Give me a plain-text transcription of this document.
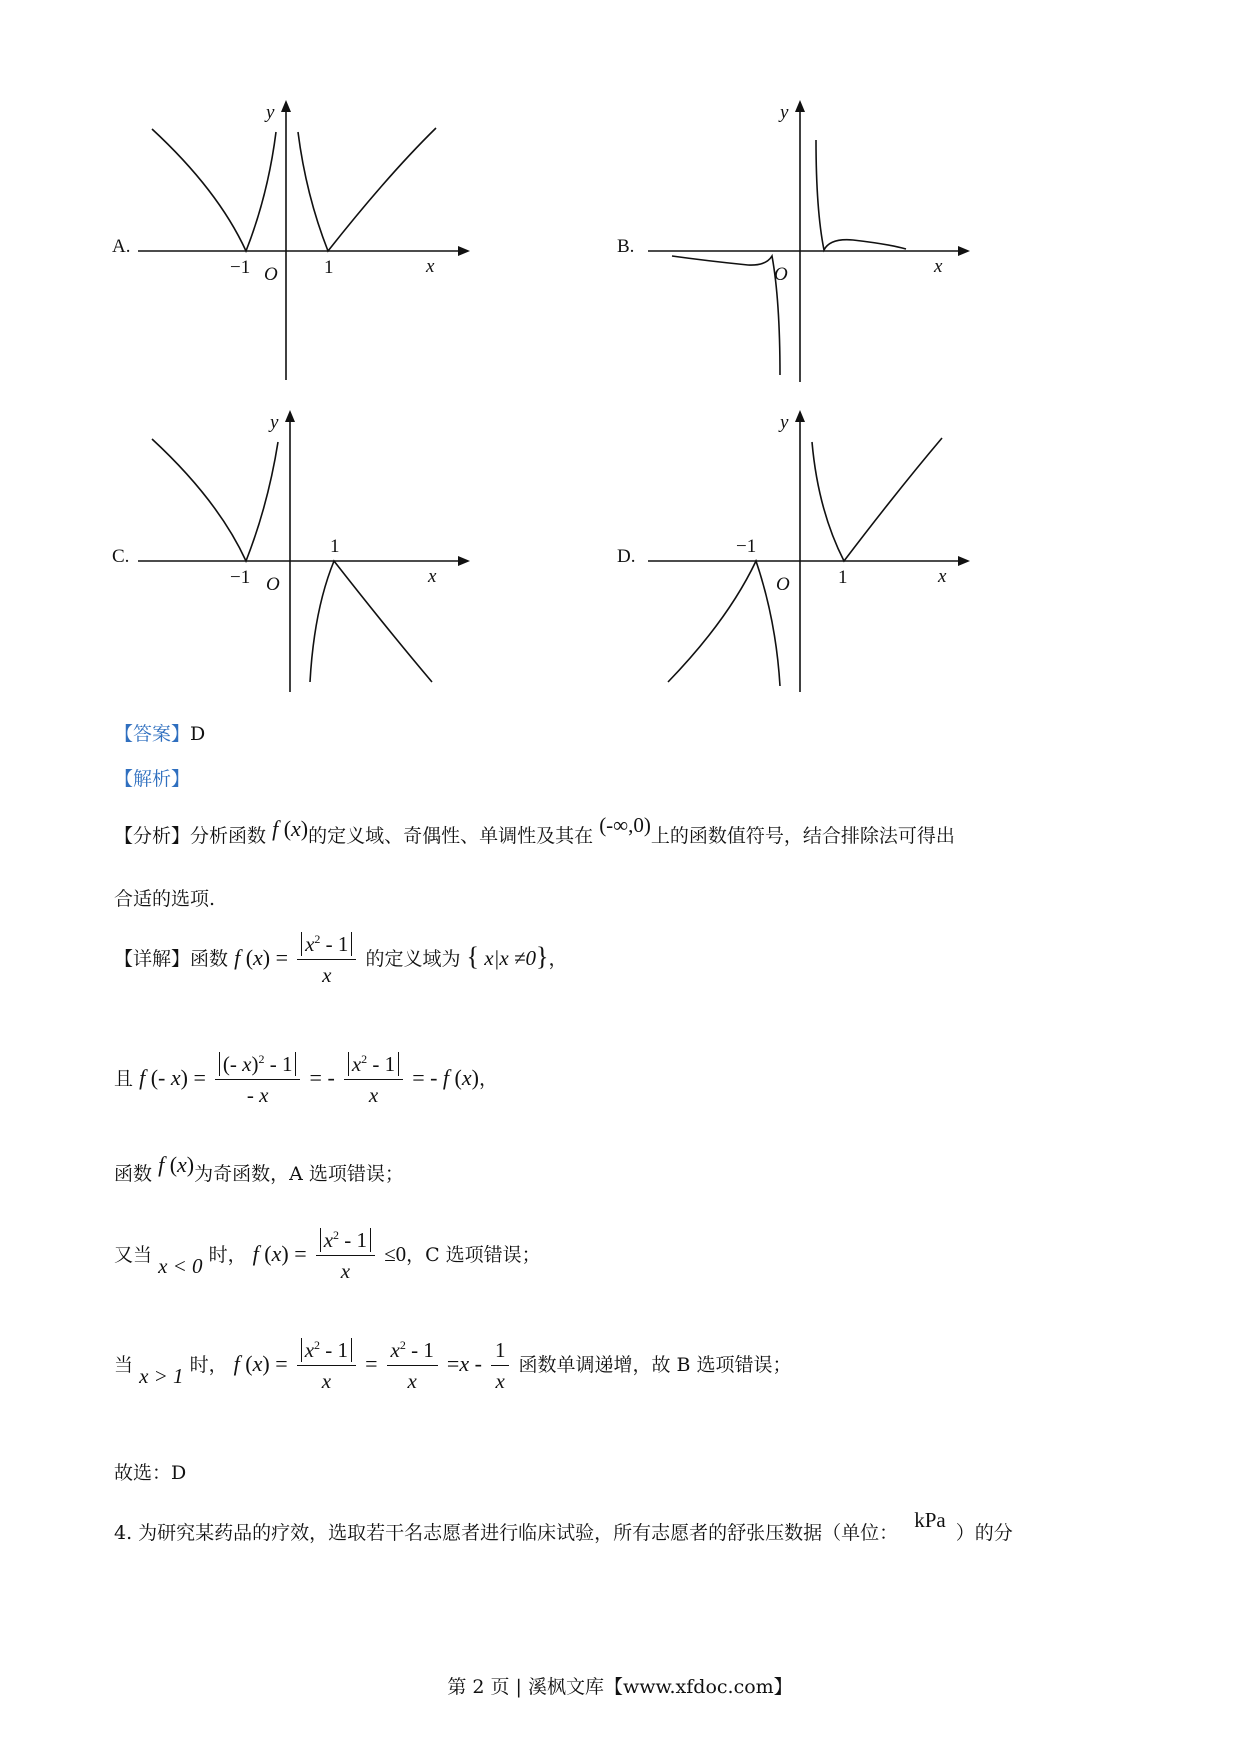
A.
y
x
O
−1	1
B.
y
x
O
C.
y
x
O
−1
1	D.
y
x
O
−1
1
【答案】D
【解析】
【分析】分析函数 f (x)的定义域、奇偶性、单调性及其在 (-∞,0)上的函数值符号，结合排除法可得出
合适的选项.
【详解】函数 f $(x) = \frac{x^2 - 1}{x}$ 的定义域为 { x|x ≠0}，
且 f (- $x) = \frac{(- x)^2 - 1}{- x}$ = - $\frac{x^2 - 1}{x}$ = - f (x)，
函数 f (x)为奇函数，A 选项错误；
又当 x < 0 时， f $(x) = \frac{x^2 - 1}{x} \le 0$，C 选项错误；
当 x > 1 时， f $(x) = \frac{x^2 - 1}{x} = \frac{x^2 - 1}{x} =x - \frac{1}{x}$ 函数单调递增，故 B 选项错误；
故选：D
4. 为研究某药品的疗效，选取若干名志愿者进行临床试验，所有志愿者的舒张压数据（单位： kPa）的分
第 2 页 | 溪枫文库【www.xfdoc.com】
